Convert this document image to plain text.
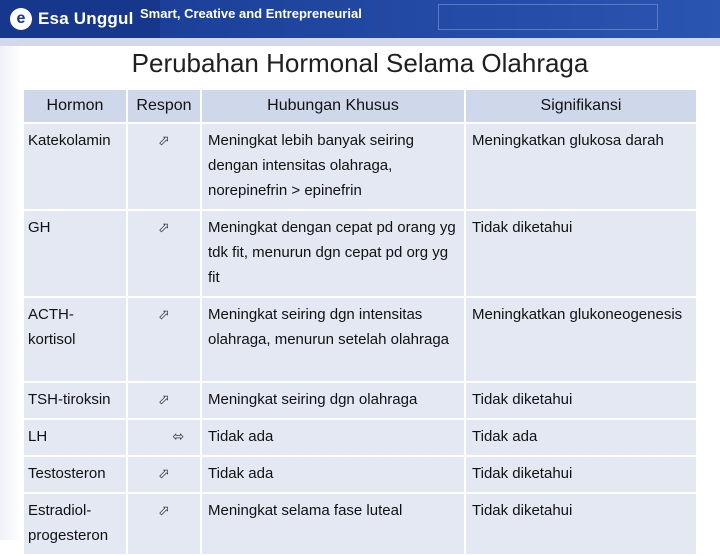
e Esa Unggul Smart, Creative and Entrepreneurial
Perubahan Hormonal Selama Olahraga
Hormon	Respon	Hubungan Khusus	Signifikansi
Katekolamin	⬀	Meningkat lebih banyak seiring dengan intensitas olahraga, norepinefrin > epinefrin	Meningkatkan glukosa darah
GH	⬀	Meningkat dengan cepat pd orang yg tdk fit, menurun dgn cepat pd org yg fit	Tidak diketahui
ACTH-kortisol	⬀	Meningkat seiring dgn intensitas olahraga, menurun setelah olahraga	Meningkatkan glukoneogenesis
TSH-tiroksin	⬀	Meningkat seiring dgn olahraga	Tidak diketahui
LH	⬄	Tidak ada	Tidak ada
Testosteron	⬀	Tidak ada	Tidak diketahui
Estradiol-progesteron	⬀	Meningkat selama fase luteal	Tidak diketahui
